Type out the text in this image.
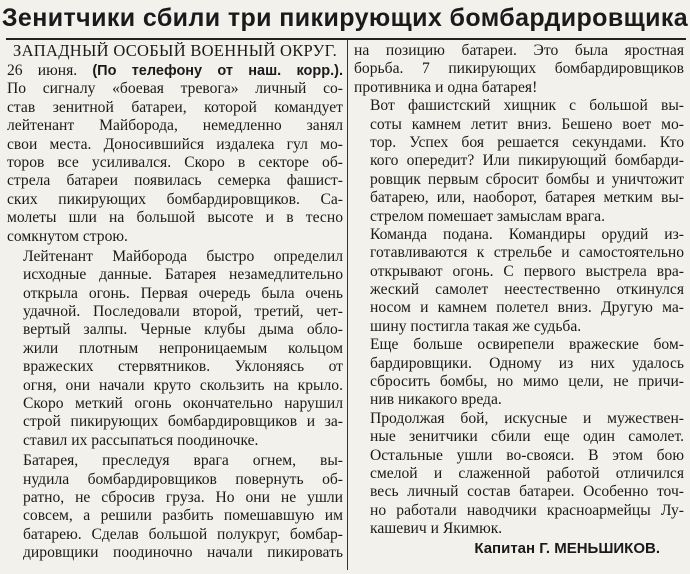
Зенитчики сбили три пикирующих бомбардировщика
ЗАПАДНЫЙ ОСОБЫЙ ВОЕННЫЙ ОКРУГ.
26 июня. (По телефону от наш. корр.).

По сигналу «боевая тревога» личный со-
став зенитной батареи, которой командует
лейтенант Майборода, немедленно занял
свои места. Доносившийся издалека гул мо-
торов все усиливался. Скоро в секторе об-
стрела батареи появилась семерка фашист-
ских пикирующих бомбардировщиков. Са-
молеты шли на большой высоте и в тесно
сомкнутом строю.

Лейтенант Майборода быстро определил
исходные данные. Батарея незамедлительно
открыла огонь. Первая очередь была очень
удачной. Последовали второй, третий, чет-
вертый залпы. Черные клубы дыма обло-
жили плотным непроницаемым кольцом
вражеских стервятников. Уклоняясь от
огня, они начали круто скользить на крыло.
Скоро меткий огонь окончательно нарушил
строй пикирующих бомбардировщиков и за-
ставил их рассыпаться поодиночке.

Батарея, преследуя врага огнем, вы-
нудила бомбардировщиков повернуть об-
ратно, не сбросив груза. Но они не ушли
совсем, а решили разбить помешавшую им
батарею. Сделав большой полукруг, бомбар-
дировщики поодиночно начали пикировать

на позицию батареи. Это была яростная
борьба. 7 пикирующих бомбардировщиков
противника и одна батарея!

Вот фашистский хищник с большой вы-
соты камнем летит вниз. Бешено воет мо-
тор. Успех боя решается секундами. Кто
кого опередит? Или пикирующий бомбарди-
ровщик первым сбросит бомбы и уничтожит
батарею, или, наоборот, батарея метким вы-
стрелом помешает замыслам врага.

Команда подана. Командиры орудий из-
готавливаются к стрельбе и самостоятельно
открывают огонь. С первого выстрела вра-
жеский самолет неестественно откинулся
носом и камнем полетел вниз. Другую ма-
шину постигла такая же судьба.

Еще больше освирепели вражеские бом-
бардировщики. Одному из них удалось
сбросить бомбы, но мимо цели, не причи-
нив никакого вреда.

Продолжая бой, искусные и мужествен-
ные зенитчики сбили еще один самолет.
Остальные ушли во-свояси. В этом бою
смелой и слаженной работой отличился
весь личный состав батареи. Особенно точ-
но работали наводчики красноармейцы Лу-
кашевич и Якимюк.

Капитан Г. МЕНЬШИКОВ.
